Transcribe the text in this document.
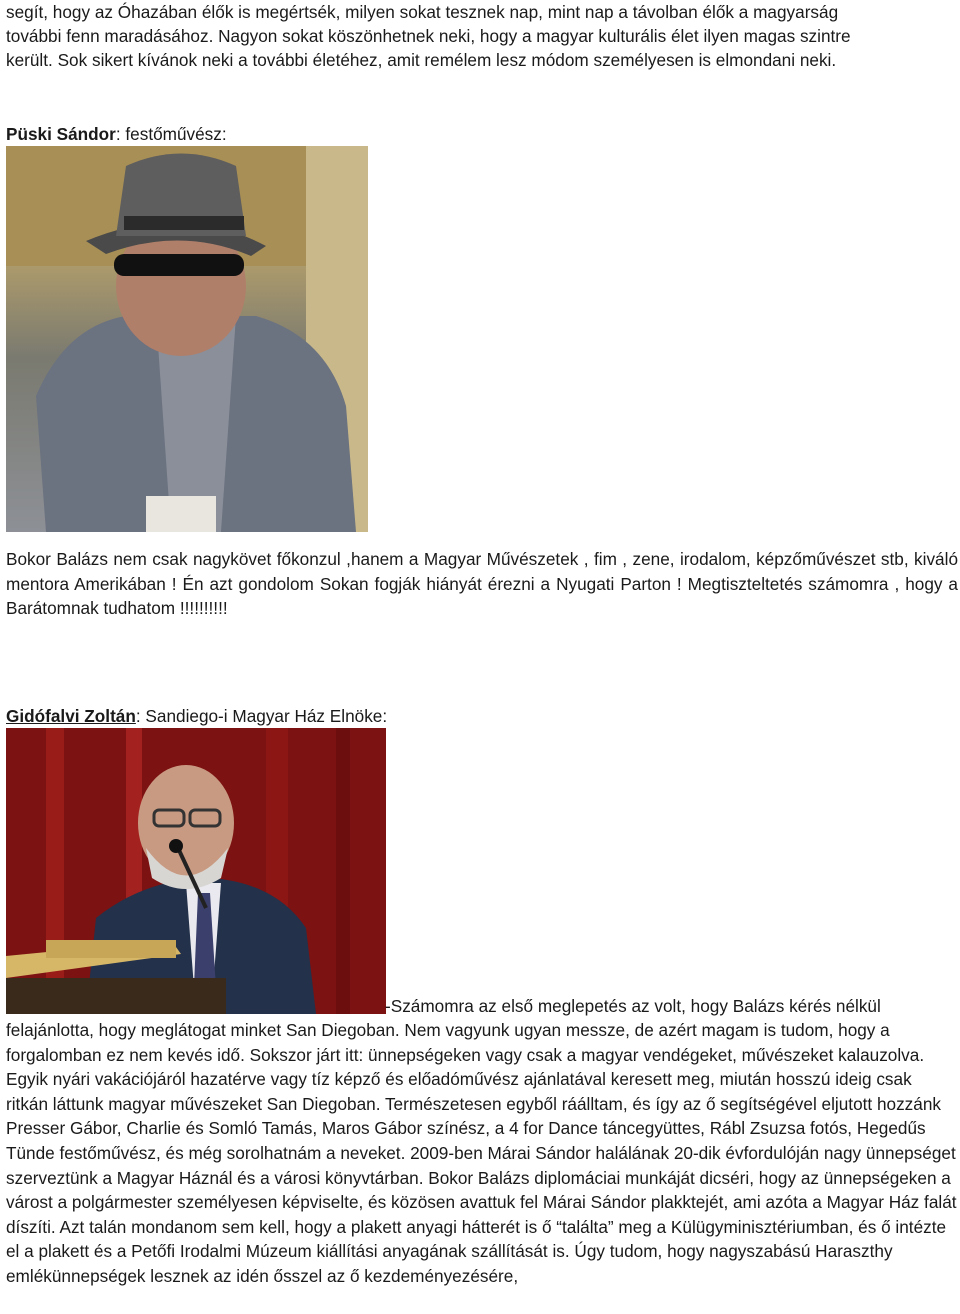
segít, hogy az Óhazában élők is megértsék, milyen sokat tesznek nap, mint nap a távolban élők a magyarság

további fenn maradásához. Nagyon sokat köszönhetnek neki, hogy a magyar kulturális élet ilyen magas szintre

került. Sok sikert kívánok neki a további életéhez, amit remélem lesz módom személyesen is elmondani neki.

Püski Sándor: festőművész:

Bokor Balázs nem csak nagykövet főkonzul ,hanem a Magyar Művészetek , fim , zene, irodalom, képzőművészet stb, kiváló mentora Amerikában ! Én azt gondolom Sokan fogják hiányát érezni a Nyugati Parton ! Megtiszteltetés számomra , hogy a Barátomnak tudhatom !!!!!!!!!!

Gidófalvi Zoltán: Sandiego-i Magyar Ház Elnöke:

-Számomra az első meglepetés az volt, hogy Balázs kérés nélkül

felajánlotta, hogy meglátogat minket San Diegoban. Nem vagyunk ugyan messze, de azért magam is tudom, hogy a forgalomban ez nem kevés idő. Sokszor járt itt: ünnepségeken vagy csak a magyar vendégeket, művészeket kalauzolva. Egyik nyári vakációjáról hazatérve vagy tíz képző és előadóművész ajánlatával keresett meg, miután hosszú ideig csak ritkán láttunk magyar művészeket San Diegoban. Természetesen egyből ráálltam, és így az ő segítségével eljutott hozzánk Presser Gábor, Charlie és Somló Tamás, Maros Gábor színész, a 4 for Dance táncegyüttes, Rábl Zsuzsa fotós, Hegedűs Tünde festőművész, és még sorolhatnám a neveket. 2009-ben Márai Sándor halálának 20-dik évfordulóján nagy ünnepséget szerveztünk a Magyar Háznál és a városi könyvtárban. Bokor Balázs diplomáciai munkáját dicséri, hogy az ünnepségeken a várost a polgármester személyesen képviselte, és közösen avattuk fel Márai Sándor plakktejét, ami azóta a Magyar Ház falát díszíti. Azt talán mondanom sem kell, hogy a plakett anyagi hátterét is ő “találta” meg a Külügyminisztériumban, és ő intézte el a plakett és a Petőfi Irodalmi Múzeum kiállítási anyagának szállítását is. Úgy tudom, hogy nagyszabású Haraszthy emlékünnepségek lesznek az idén ősszel az ő kezdeményezésére,
